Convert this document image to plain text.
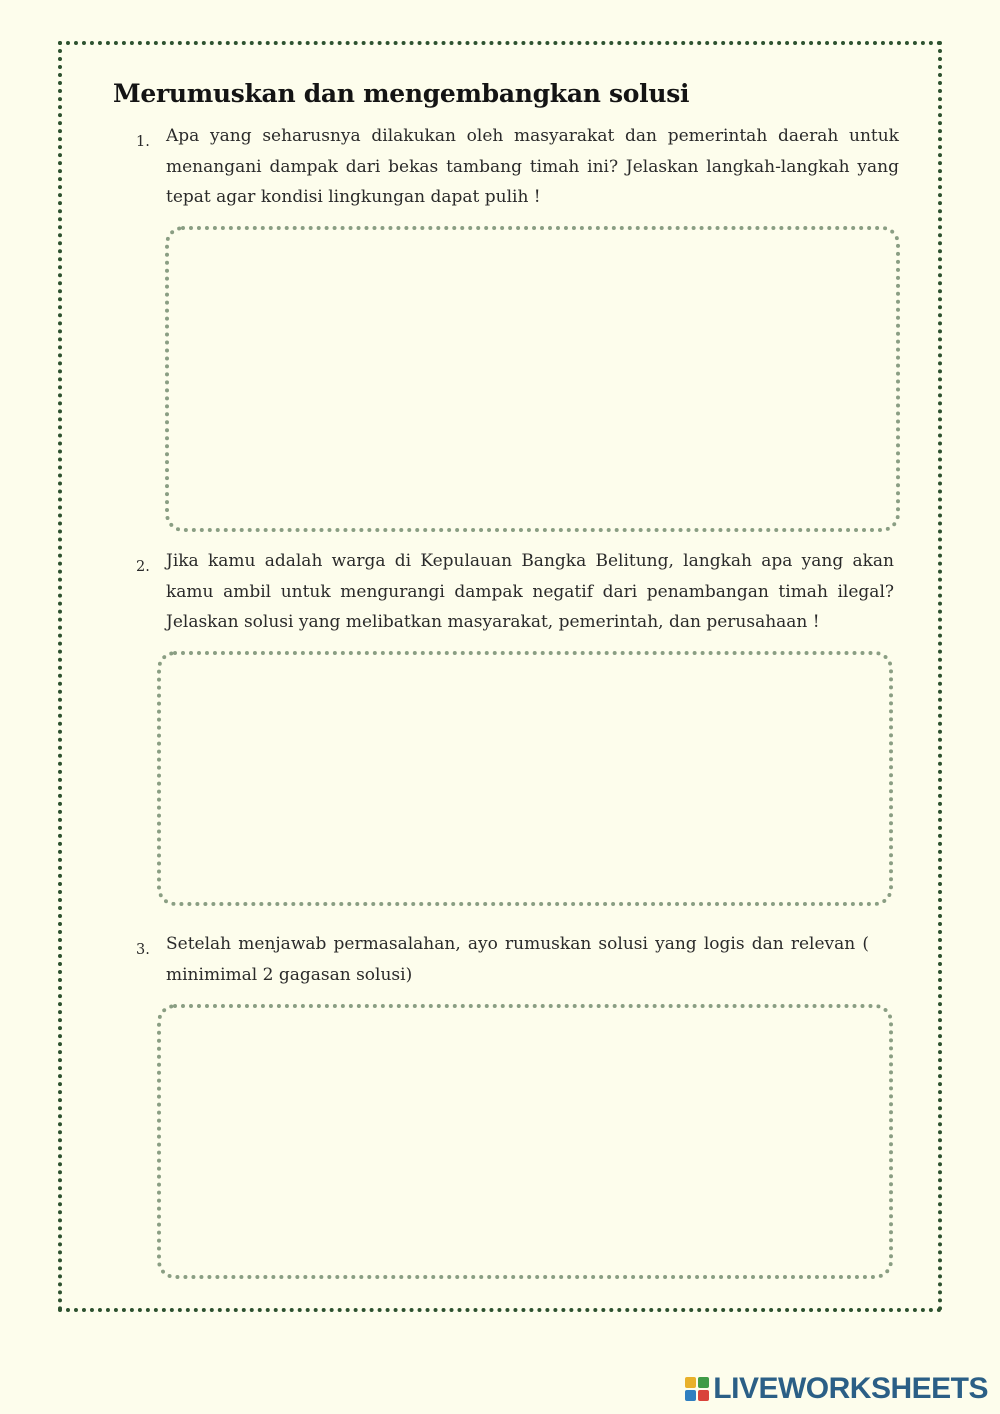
Merumuskan dan mengembangkan solusi
1. Apa yang seharusnya dilakukan oleh masyarakat dan pemerintah daerah untuk menangani dampak dari bekas tambang timah ini? Jelaskan langkah-langkah yang tepat agar kondisi lingkungan dapat pulih !

2. Jika kamu adalah warga di Kepulauan Bangka Belitung, langkah apa yang akan kamu ambil untuk mengurangi dampak negatif dari penambangan timah ilegal? Jelaskan solusi yang melibatkan masyarakat, pemerintah, dan perusahaan !

3. Setelah menjawab permasalahan, ayo rumuskan solusi yang logis dan relevan ( minimimal 2 gagasan solusi)

LIVEWORKSHEETS
